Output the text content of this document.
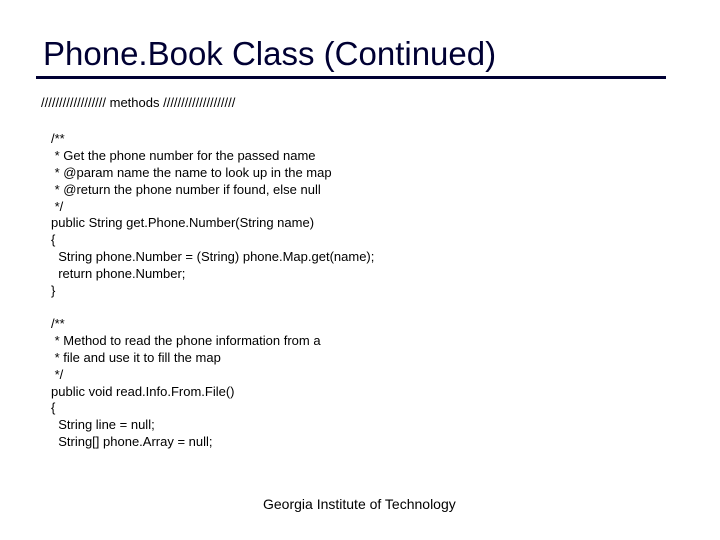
Phone.Book Class (Continued)
////////////////// methods ////////////////////
/**
* Get the phone number for the passed name
* @param name the name to look up in the map
* @return the phone number if found, else null
*/
public String get.Phone.Number(String name)
{
String phone.Number = (String) phone.Map.get(name);
return phone.Number;
}
/**
* Method to read the phone information from a
* file and use it to fill the map
*/
public void read.Info.From.File()
{
String line = null;
String[] phone.Array = null;
Georgia Institute of Technology
